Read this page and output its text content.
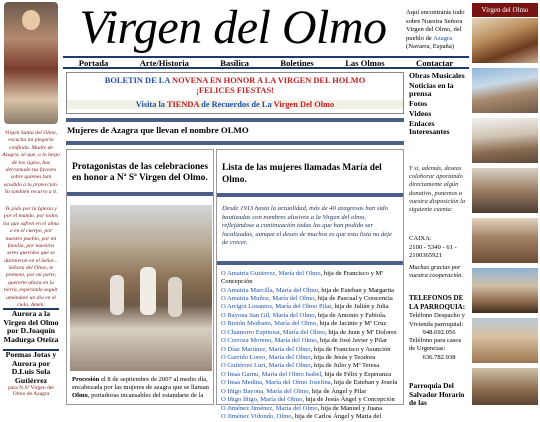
Virgen Santa del Olmo, escucha mi plegaria confiada. Madre de Azagra, sé que, a lo largo de los siglos, has derramado tus favores sobre quienes han acudido a tu protección. Yo también recurro a ti.
Te pido por la Iglesia y por el mundo, por todos los que sufren en el alma o en el cuerpo, por nuestro pueblo, por mi familia, por nuestros seres queridos que se durmieron en el Señor... Señora del Olmo, te prometo, por mi parte, quererte ahora en la tierra, esperando seguir amándote un día en el cielo. Amén.
Aurora a la Virgen del Olmo por D.Joaquín Madurga Oteiza
Poemas Jotas y Aurora por D.Luis Sola Gutiérrez
para N.Sª Virgen del Olmo de Azagra
Virgen del Olmo	Aquí encontrarás todo sobre Nuestra Señora Virgen del Olmo, del pueblo de Azagra (Navarra, España)
Virgen del Olmo
Portada	Arte/Historia	Basílica	Boletines	Las Olmos	Contactar
Obras Musicales
Noticias en la prensa
Fotos
Videos
Enlaces Interesantes
Y si, además, deseas colaborar aportando directamente algún donativo, ponemos a vuestra disposición la siguiente cuenta:
CAIXA:
2100 - 5349 - 61 - 2100365921
Muchas gracias por vuestra cooperación.
TELEFONOS DE LA PARROQUIA:
Teléfono Despacho y Vivienda parroquial:
948.692.056
Teléfono para casos de Urgencias:
636.782.938
Parroquia Del Salvador Horario de las
BOLETIN DE LA NOVENA EN HONOR A LA VIRGEN DEL HOLMO
¡FELICES FIESTAS!
Visita la TIENDA de Recuerdos de La Virgen Del Olmo
Mujeres de Azagra que llevan el nombre OLMO
Protagonistas de las celebraciones en honor a Nª Sª Virgen del Olmo.
Procesión el 8 de septiembre de 2007 al medio día, encabezada por las mujeres de azagra que se llaman Olmo, portadoras incansables del estandarte de la
Lista de las mujeres llamadas María del Olmo.
Desde 1913 hasta la actualidad, más de 40 azagresas han sido bautizadas con nombres alusivos a la Virgen del olmo, reflejándose a continuación todas las que han podido ser localizadas, aunque el deseo de muchos es que esta lista no deje de crecer.
O Amatria Gutiérrez, María del Olmo, hija de Francisco y Mª Concepción
O Amatria Marcilla, María del Olmo, hija de Esteban y Margarita
O Amatria Muñoz, María del Olmo, hija de Pascual y Crescencia
O Arrigot Losantos, María del Olmo Pilar, hija de Julián y Julia
O Bayona San Gil, María del Olmo, hija de Antonio y Fabiola.
O Bretón Medrano, María del Olmo, hija de Jacinto y Mª Cruz
O Chamorro Espinosa, María del Olmo, hija de Juan y Mª Dolores
O Corroza Moreno, María del Olmo, hija de José Javier y Pilar
O Díaz Martínez, María del Olmo, hija de Francisco y Asunción
O Garrido Loreo, María del Olmo, hija de Jesús y Teodora
O Gutiérrez Luri, María del Olmo, hija de Julio y Mª Teresa
O Imas Garnu, María del Olmo Isabel, hija de Félix y Esperanza
O Imas Medina, María del Olmo Josefina, hija de Esteban y Josefa
O Iñigo Bayona, María del Olmo, hija de Ángel y Pilar
O Iñigo Iñigo, María del Olmo, hija de Jesús Ángel y Concepción
O Jiménez Jiménez, María del Olmo, hija de Manuel y Juana
O Jiménez Vidondo, Olmo, hija de Carlos Ángel y María del
